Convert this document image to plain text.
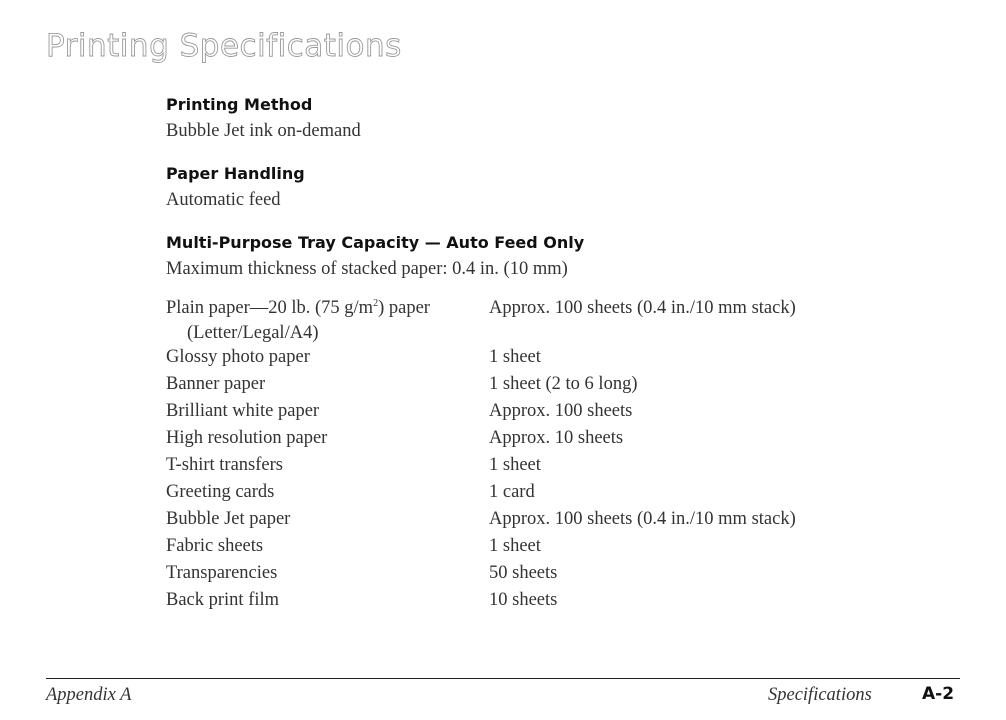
Printing Specifications
Printing Method
Bubble Jet ink on-demand
Paper Handling
Automatic feed
Multi-Purpose Tray Capacity — Auto Feed Only
Maximum thickness of stacked paper: 0.4 in. (10 mm)
Plain paper—20 lb. (75 $g/m^2$) paper	Approx. 100 sheets (0.4 in./10 mm stack)
(Letter/Legal/A4)	
Glossy photo paper	1 sheet
Banner paper	1 sheet (2 to 6 long)
Brilliant white paper	Approx. 100 sheets
High resolution paper	Approx. 10 sheets
T-shirt transfers	1 sheet
Greeting cards	1 card
Bubble Jet paper	Approx. 100 sheets (0.4 in./10 mm stack)
Fabric sheets	1 sheet
Transparencies	50 sheets
Back print film	10 sheets
Appendix A	Specifications	A-2
